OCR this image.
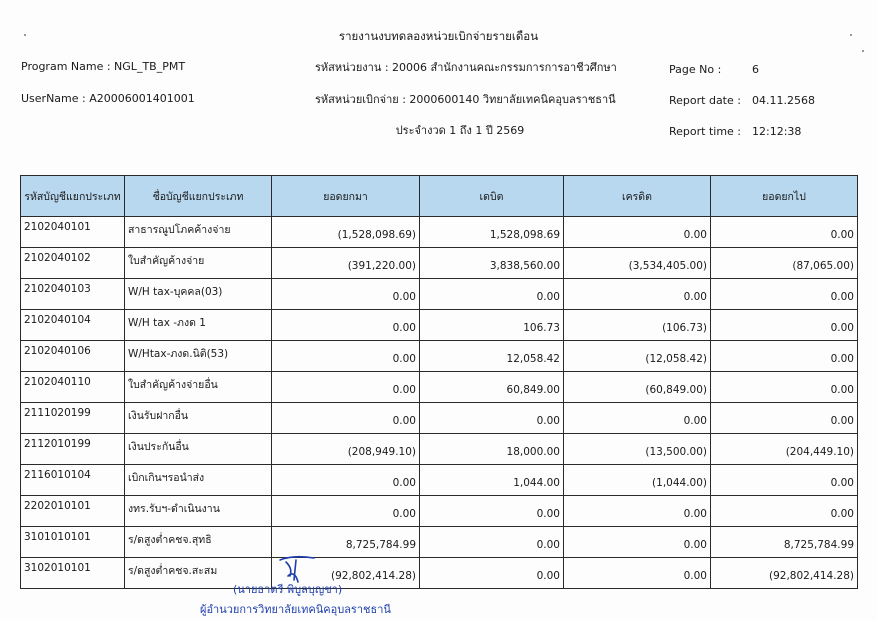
รายงานงบทดลองหน่วยเบิกจ่ายรายเดือน
Program Name : NGL_TB_PMT
UserName : A20006001401001
รหัสหน่วยงาน : 20006 สำนักงานคณะกรรมการการอาชีวศึกษา
รหัสหน่วยเบิกจ่าย : 2000600140 วิทยาลัยเทคนิคอุบลราชธานี
ประจำงวด 1 ถึง 1 ปี 2569
Page No :	6
Report date : 04.11.2568
Report time : 12:12:38
รหัสบัญชีแยกประเภท	ชื่อบัญชีแยกประเภท	ยอดยกมา	เดบิต	เครดิต	ยอดยกไป
2102040101	สาธารณูปโภคค้างจ่าย	(1,528,098.69)	1,528,098.69	0.00	0.00
2102040102	ใบสำคัญค้างจ่าย	(391,220.00)	3,838,560.00	(3,534,405.00)	(87,065.00)
2102040103	W/H tax-บุคคล(03)	0.00	0.00	0.00	0.00
2102040104	W/H tax -ภงด 1	0.00	106.73	(106.73)	0.00
2102040106	W/Htax-ภงด.นิติ(53)	0.00	12,058.42	(12,058.42)	0.00
2102040110	ใบสำคัญค้างจ่ายอื่น	0.00	60,849.00	(60,849.00)	0.00
2111020199	เงินรับฝากอื่น	0.00	0.00	0.00	0.00
2112010199	เงินประกันอื่น	(208,949.10)	18,000.00	(13,500.00)	(204,449.10)
2116010104	เบิกเกินฯรอนำส่ง	0.00	1,044.00	(1,044.00)	0.00
2202010101	งทร.รับฯ-ดำเนินงาน	0.00	0.00	0.00	0.00
3101010101	ร/ดสูงต่ำคชจ.สุทธิ	8,725,784.99	0.00	0.00	8,725,784.99
3102010101	ร/ดสูงต่ำคชจ.สะสม	(92,802,414.28)	0.00	0.00	(92,802,414.28)
(นายธาตรี พิบูลบุญชา)
ผู้อำนวยการวิทยาลัยเทคนิคอุบลราชธานี
